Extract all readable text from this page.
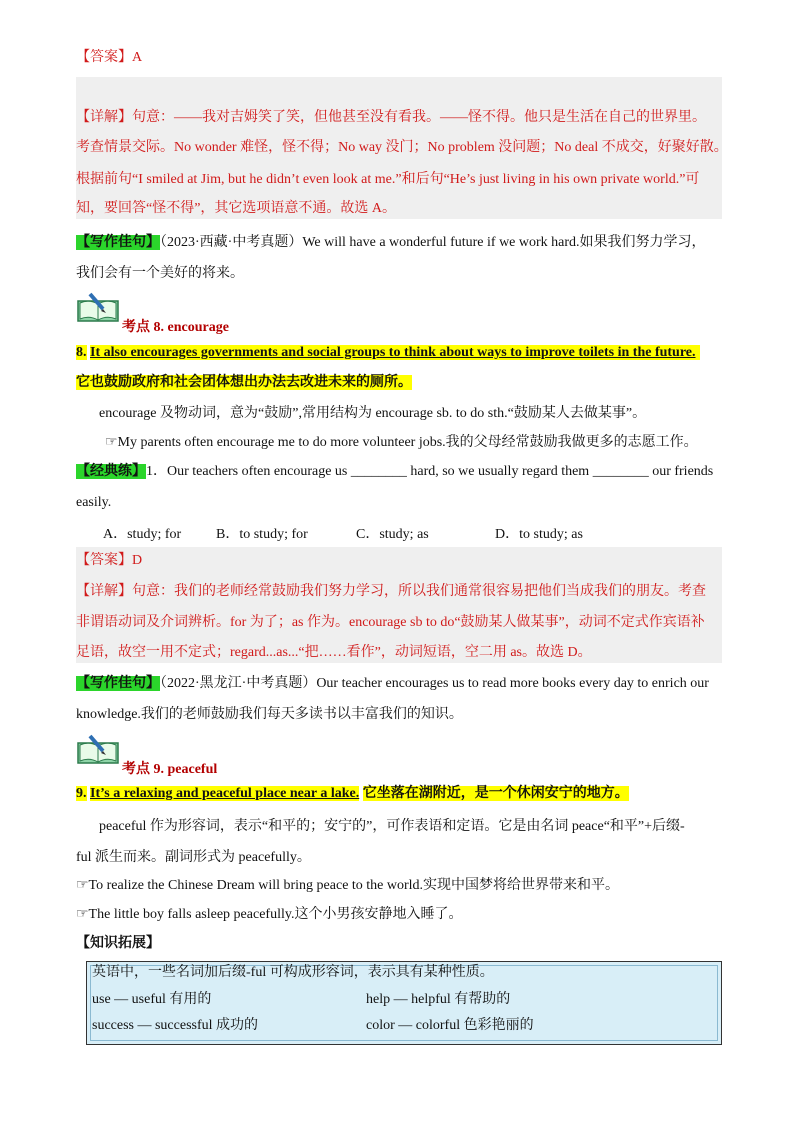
【答案】A
【详解】句意：——我对吉姆笑了笑，但他甚至没有看我。——怪不得。他只是生活在自己的世界里。
考查情景交际。No wonder 难怪，怪不得；No way 没门；No problem 没问题；No deal 不成交，好聚好散。
根据前句“I smiled at Jim, but he didn’t even look at me.”和后句“He’s just living in his own private world.”可
知，要回答“怪不得”，其它选项语意不通。故选 A。
【写作佳句】（2023·西藏·中考真题）We will have a wonderful future if we work hard.如果我们努力学习，
我们会有一个美好的将来。
考点 8. encourage
8. It also encourages governments and social groups to think about ways to improve toilets in the future.
它也鼓励政府和社会团体想出办法去改进未来的厕所。
encourage 及物动词，意为“鼓励”,常用结构为 encourage sb. to do sth.“鼓励某人去做某事”。
☞My parents often encourage me to do more volunteer jobs.我的父母经常鼓励我做更多的志愿工作。
【经典练】1．Our teachers often encourage us ________ hard, so we usually regard them ________ our friends
easily.
A．study; for B．to study; for	C．study; as	D．to study; as
【答案】D
【详解】句意：我们的老师经常鼓励我们努力学习，所以我们通常很容易把他们当成我们的朋友。考查
非谓语动词及介词辨析。for 为了；as 作为。encourage sb to do“鼓励某人做某事”，动词不定式作宾语补
足语，故空一用不定式；regard...as...“把……看作”，动词短语，空二用 as。故选 D。
【写作佳句】（2022·黑龙江·中考真题）Our teacher encourages us to read more books every day to enrich our
knowledge.我们的老师鼓励我们每天多读书以丰富我们的知识。
考点 9. peaceful
9. It’s a relaxing and peaceful place near a lake. 它坐落在湖附近，是一个休闲安宁的地方。
peaceful 作为形容词，表示“和平的；安宁的”，可作表语和定语。它是由名词 peace“和平”+后缀-
ful 派生而来。副词形式为 peacefully。
☞To realize the Chinese Dream will bring peace to the world.实现中国梦将给世界带来和平。
☞The little boy falls asleep peacefully.这个小男孩安静地入睡了。
【知识拓展】
英语中，一些名词加后缀-ful 可构成形容词，表示具有某种性质。
use — useful 有用的	help — helpful 有帮助的
success — successful 成功的	color — colorful 色彩艳丽的
